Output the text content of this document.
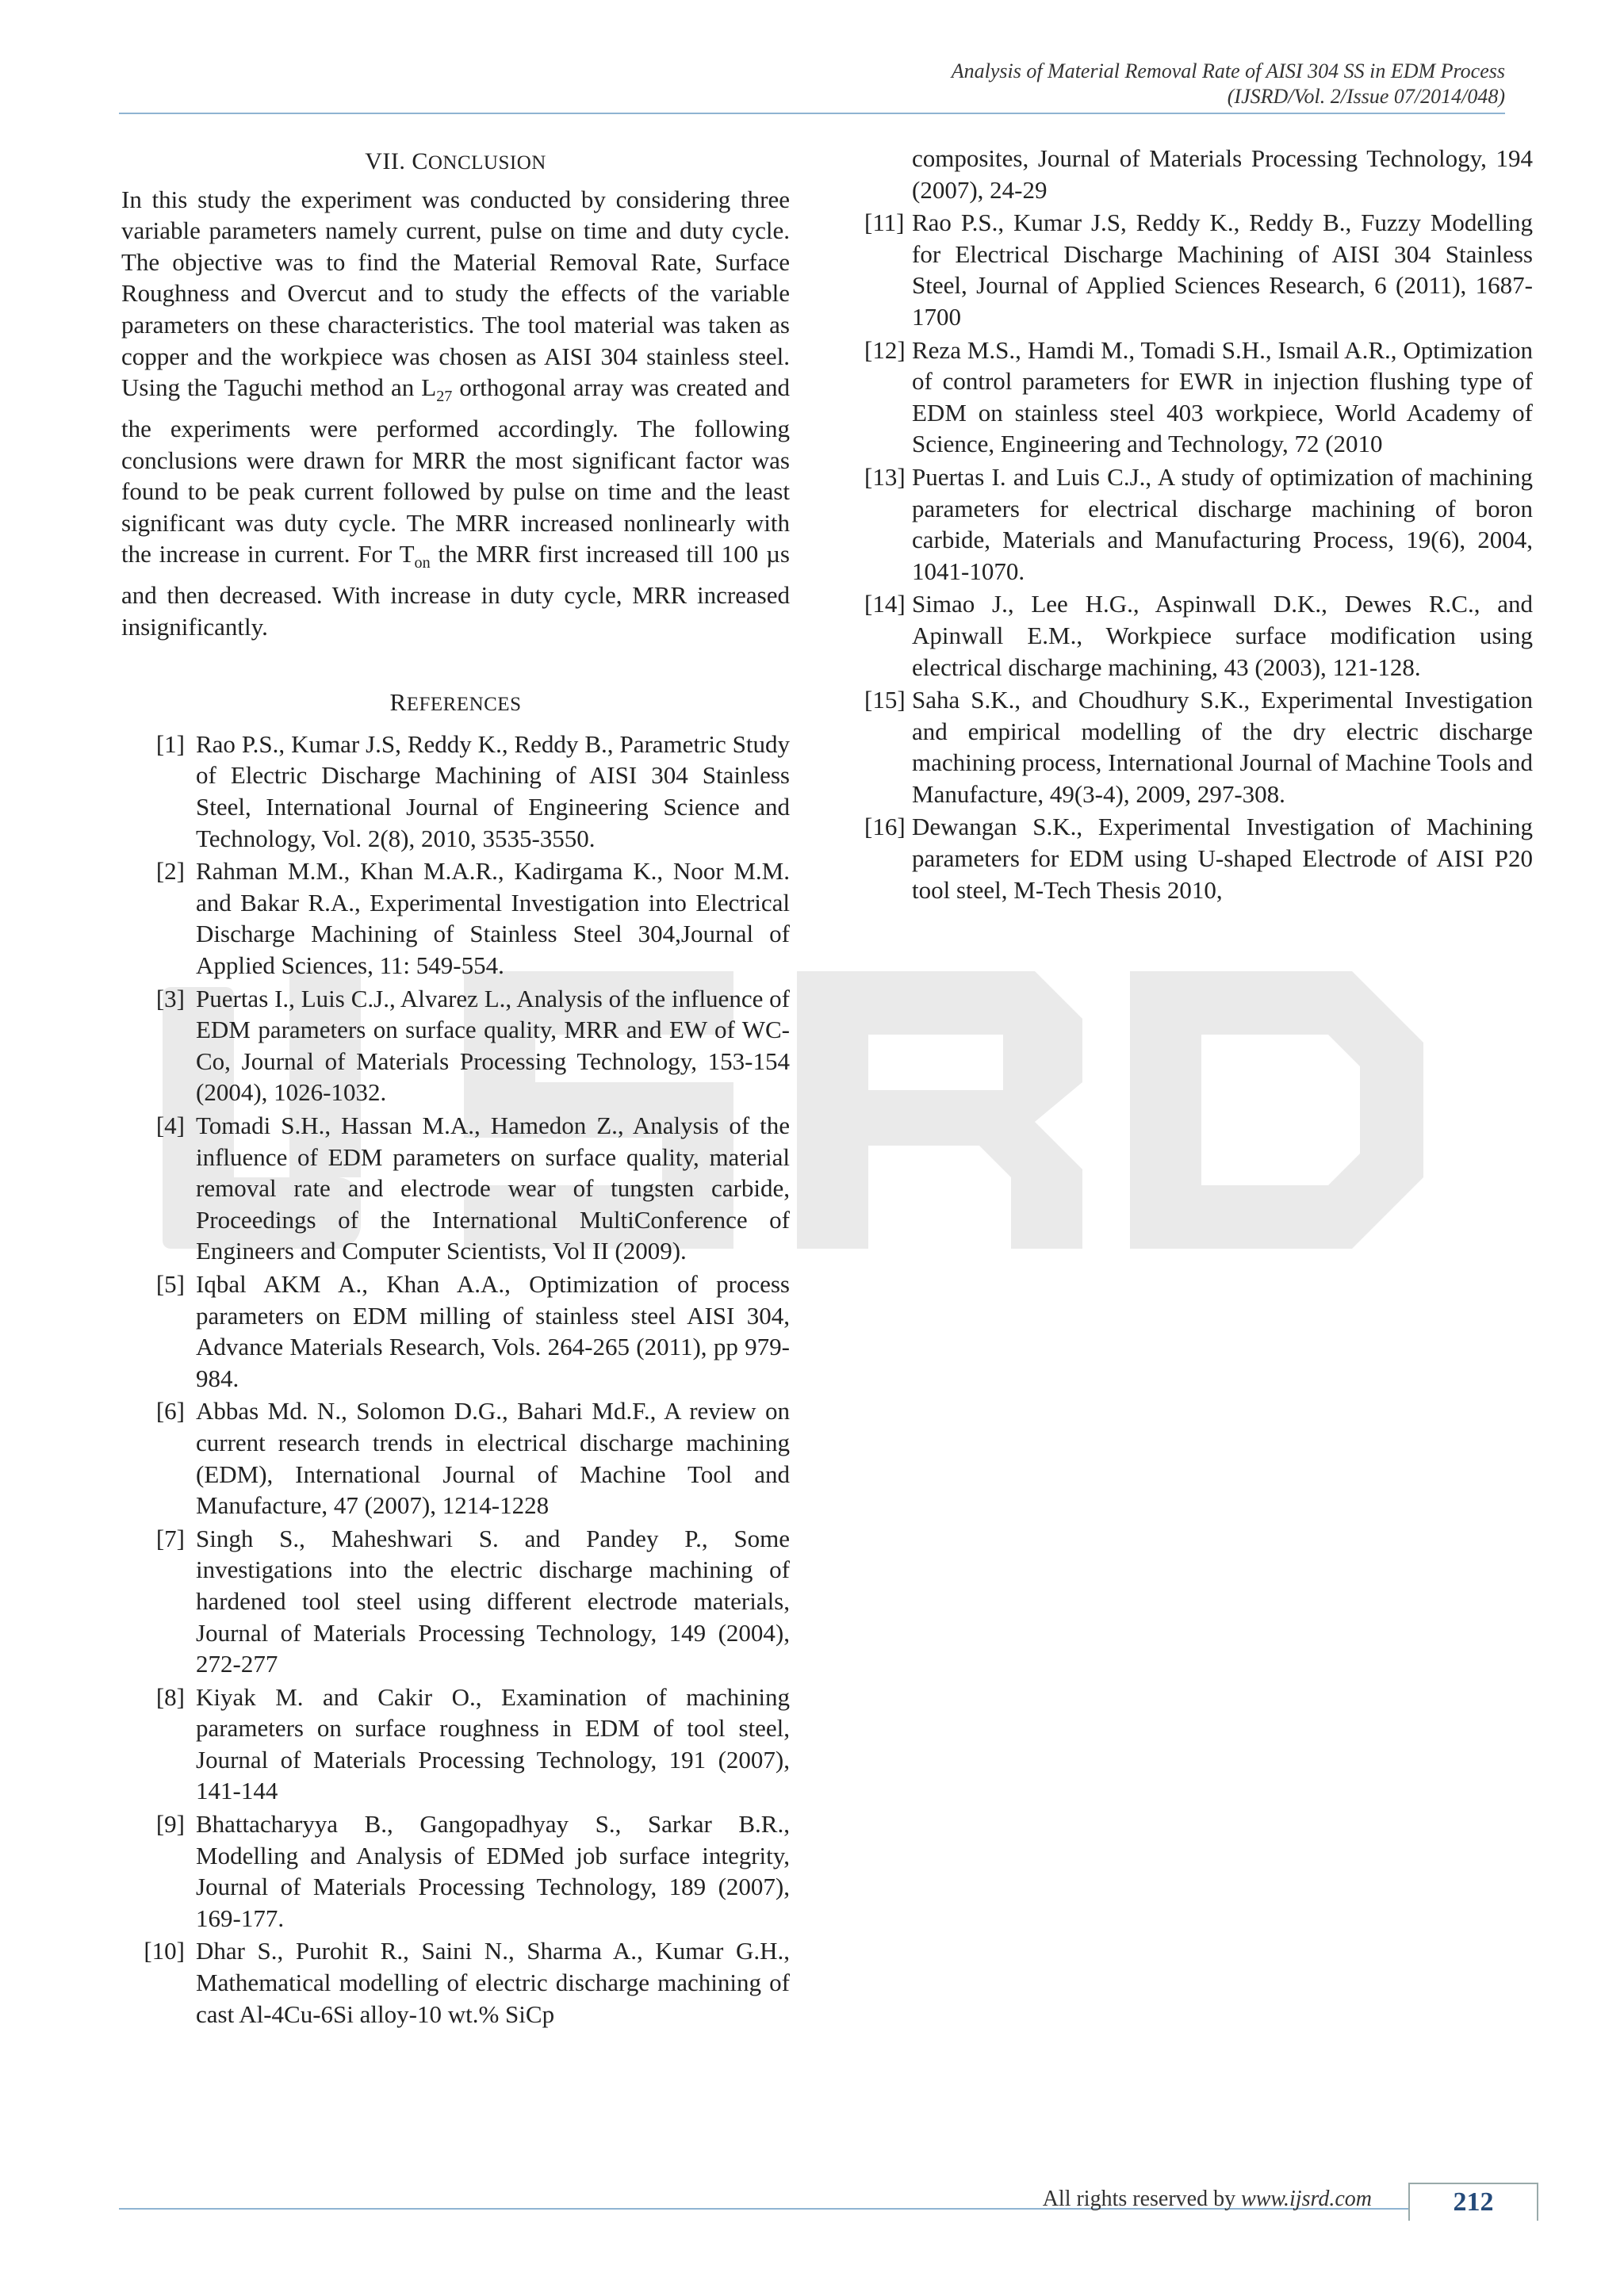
Analysis of Material Removal Rate of AISI 304 SS in EDM Process
(IJSRD/Vol. 2/Issue 07/2014/048)
VII. CONCLUSION

In this study the experiment was conducted by considering three variable parameters namely current, pulse on time and duty cycle. The objective was to find the Material Removal Rate, Surface Roughness and Overcut and to study the effects of the variable parameters on these characteristics. The tool material was taken as copper and the workpiece was chosen as AISI 304 stainless steel. Using the Taguchi method an $L_{27}$ orthogonal array was created and the experiments were performed accordingly. The following conclusions were drawn for MRR the most significant factor was found to be peak current followed by pulse on time and the least significant was duty cycle. The MRR increased nonlinearly with the increase in current. For $T_{on}$ the MRR first increased till 100 µs and then decreased. With increase in duty cycle, MRR increased insignificantly.

REFERENCES
[1] Rao P.S., Kumar J.S, Reddy K., Reddy B., Parametric Study of Electric Discharge Machining of AISI 304 Stainless Steel, International Journal of Engineering Science and Technology, Vol. 2(8), 2010, 3535-3550.
[2] Rahman M.M., Khan M.A.R., Kadirgama K., Noor M.M. and Bakar R.A., Experimental Investigation into Electrical Discharge Machining of Stainless Steel 304,Journal of Applied Sciences, 11: 549-554.
[3] Puertas I., Luis C.J., Alvarez L., Analysis of the influence of EDM parameters on surface quality, MRR and EW of WC-Co, Journal of Materials Processing Technology, 153-154 (2004), 1026-1032.
[4] Tomadi S.H., Hassan M.A., Hamedon Z., Analysis of the influence of EDM parameters on surface quality, material removal rate and electrode wear of tungsten carbide, Proceedings of the International MultiConference of Engineers and Computer Scientists, Vol II (2009).
[5] Iqbal AKM A., Khan A.A., Optimization of process parameters on EDM milling of stainless steel AISI 304, Advance Materials Research, Vols. 264-265 (2011), pp 979-984.
[6] Abbas Md. N., Solomon D.G., Bahari Md.F., A review on current research trends in electrical discharge machining (EDM), International Journal of Machine Tool and Manufacture, 47 (2007), 1214-1228
[7] Singh S., Maheshwari S. and Pandey P., Some investigations into the electric discharge machining of hardened tool steel using different electrode materials, Journal of Materials Processing Technology, 149 (2004), 272-277
[8] Kiyak M. and Cakir O., Examination of machining parameters on surface roughness in EDM of tool steel, Journal of Materials Processing Technology, 191 (2007), 141-144
[9] Bhattacharyya B., Gangopadhyay S., Sarkar B.R., Modelling and Analysis of EDMed job surface integrity, Journal of Materials Processing Technology, 189 (2007), 169-177.
[10] Dhar S., Purohit R., Saini N., Sharma A., Kumar G.H., Mathematical modelling of electric discharge machining of cast Al-4Cu-6Si alloy-10 wt.% SiCp
composites, Journal of Materials Processing Technology, 194 (2007), 24-29
[11] Rao P.S., Kumar J.S, Reddy K., Reddy B., Fuzzy Modelling for Electrical Discharge Machining of AISI 304 Stainless Steel, Journal of Applied Sciences Research, 6 (2011), 1687-1700
[12] Reza M.S., Hamdi M., Tomadi S.H., Ismail A.R., Optimization of control parameters for EWR in injection flushing type of EDM on stainless steel 403 workpiece, World Academy of Science, Engineering and Technology, 72 (2010
[13] Puertas I. and Luis C.J., A study of optimization of machining parameters for electrical discharge machining of boron carbide, Materials and Manufacturing Process, 19(6), 2004, 1041-1070.
[14] Simao J., Lee H.G., Aspinwall D.K., Dewes R.C., and Apinwall E.M., Workpiece surface modification using electrical discharge machining, 43 (2003), 121-128.
[15] Saha S.K., and Choudhury S.K., Experimental Investigation and empirical modelling of the dry electric discharge machining process, International Journal of Machine Tools and Manufacture, 49(3-4), 2009, 297-308.
[16] Dewangan S.K., Experimental Investigation of Machining parameters for EDM using U-shaped Electrode of AISI P20 tool steel, M-Tech Thesis 2010,
All rights reserved by www.ijsrd.com	212
